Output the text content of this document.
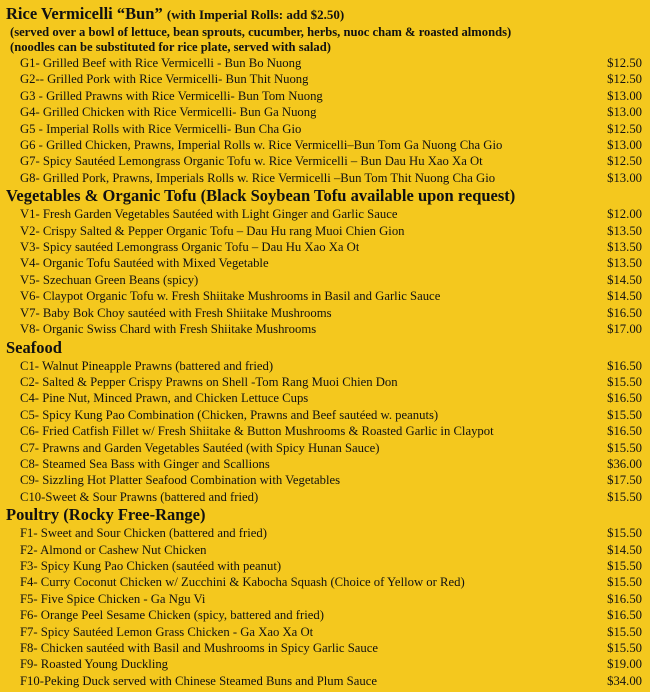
Rice Vermicelli “Bun” (with Imperial Rolls: add $2.50)
(served over a bowl of lettuce, bean sprouts, cucumber, herbs, nuoc cham & roasted almonds)
(noodles can be substituted for rice plate, served with salad)
G1- Grilled Beef with Rice Vermicelli - Bun Bo Nuong	$12.50
G2-- Grilled Pork with Rice Vermicelli- Bun Thit Nuong	$12.50
G3 - Grilled Prawns with Rice Vermicelli- Bun Tom Nuong	$13.00
G4- Grilled Chicken with Rice Vermicelli- Bun Ga Nuong	$13.00
G5 - Imperial Rolls with Rice Vermicelli- Bun Cha Gio	$12.50
G6 - Grilled Chicken, Prawns, Imperial Rolls w. Rice Vermicelli–Bun Tom Ga Nuong Cha Gio	$13.00
G7- Spicy Sautéed Lemongrass Organic Tofu w. Rice Vermicelli – Bun Dau Hu Xao Xa Ot	$12.50
G8- Grilled Pork, Prawns, Imperials Rolls w. Rice Vermicelli –Bun Tom Thit Nuong Cha Gio	$13.00
Vegetables & Organic Tofu (Black Soybean Tofu available upon request)
V1- Fresh Garden Vegetables Sautéed with Light Ginger and Garlic Sauce	$12.00
V2- Crispy Salted & Pepper Organic Tofu – Dau Hu rang Muoi Chien Gion	$13.50
V3- Spicy sautéed Lemongrass Organic Tofu – Dau Hu Xao Xa Ot	$13.50
V4- Organic Tofu Sautéed with Mixed Vegetable	$13.50
V5- Szechuan Green Beans (spicy)	$14.50
V6- Claypot Organic Tofu w. Fresh Shiitake Mushrooms in Basil and Garlic Sauce	$14.50
V7- Baby Bok Choy sautéed with Fresh Shiitake Mushrooms	$16.50
V8- Organic Swiss Chard with Fresh Shiitake Mushrooms	$17.00
Seafood
C1- Walnut Pineapple Prawns (battered and fried)	$16.50
C2- Salted & Pepper Crispy Prawns on Shell -Tom Rang Muoi Chien Don	$15.50
C4- Pine Nut, Minced Prawn, and Chicken Lettuce Cups	$16.50
C5- Spicy Kung Pao Combination (Chicken, Prawns and Beef sautéed w. peanuts)	$15.50
C6- Fried Catfish Fillet w/ Fresh Shiitake & Button Mushrooms & Roasted Garlic in Claypot	$16.50
C7- Prawns and Garden Vegetables Sautéed (with Spicy Hunan Sauce)	$15.50
C8- Steamed Sea Bass with Ginger and Scallions	$36.00
C9- Sizzling Hot Platter Seafood Combination with Vegetables	$17.50
C10-Sweet & Sour Prawns (battered and fried)	$15.50
Poultry (Rocky Free-Range)
F1- Sweet and Sour Chicken (battered and fried)	$15.50
F2- Almond or Cashew Nut Chicken	$14.50
F3- Spicy Kung Pao Chicken (sautéed with peanut)	$15.50
F4- Curry Coconut Chicken w/ Zucchini & Kabocha Squash (Choice of Yellow or Red)	$15.50
F5- Five Spice Chicken - Ga Ngu Vi	$16.50
F6- Orange Peel Sesame Chicken (spicy, battered and fried)	$16.50
F7- Spicy Sautéed Lemon Grass Chicken - Ga Xao Xa Ot	$15.50
F8- Chicken sautéed with Basil and Mushrooms in Spicy Garlic Sauce	$15.50
F9- Roasted Young Duckling	$19.00
F10-Peking Duck served with Chinese Steamed Buns and Plum Sauce	$34.00
